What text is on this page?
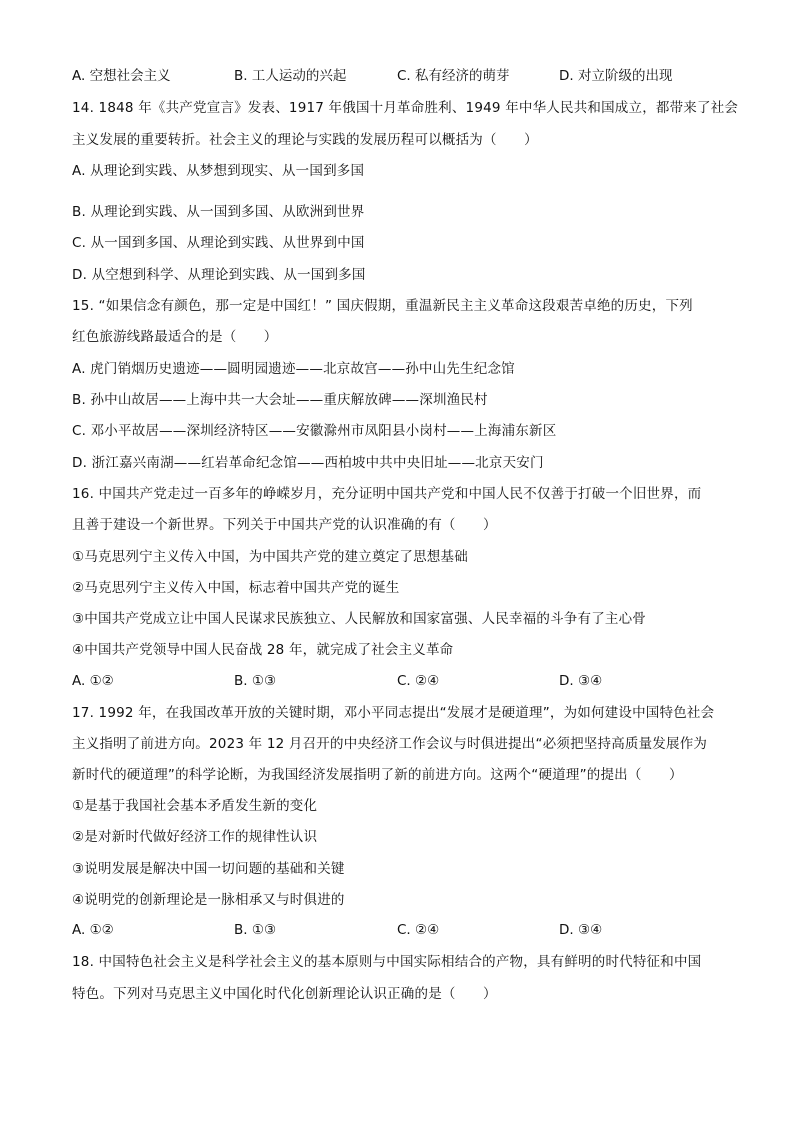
A. 空想社会主义	B. 工人运动的兴起	C. 私有经济的萌芽	D. 对立阶级的出现
14. 1848 年《共产党宣言》发表、1917 年俄国十月革命胜利、1949 年中华人民共和国成立，都带来了社会
主义发展的重要转折。社会主义的理论与实践的发展历程可以概括为（　　）
A. 从理论到实践、从梦想到现实、从一国到多国
B. 从理论到实践、从一国到多国、从欧洲到世界
C. 从一国到多国、从理论到实践、从世界到中国
D. 从空想到科学、从理论到实践、从一国到多国
15. “如果信念有颜色，那一定是中国红！” 国庆假期，重温新民主主义革命这段艰苦卓绝的历史，下列
红色旅游线路最适合的是（　　）
A. 虎门销烟历史遗迹——圆明园遗迹——北京故宫——孙中山先生纪念馆
B. 孙中山故居——上海中共一大会址——重庆解放碑——深圳渔民村
C. 邓小平故居——深圳经济特区——安徽滁州市凤阳县小岗村——上海浦东新区
D. 浙江嘉兴南湖——红岩革命纪念馆——西柏坡中共中央旧址——北京天安门
16. 中国共产党走过一百多年的峥嵘岁月，充分证明中国共产党和中国人民不仅善于打破一个旧世界，而
且善于建设一个新世界。下列关于中国共产党的认识准确的有（　　）
①马克思列宁主义传入中国，为中国共产党的建立奠定了思想基础
②马克思列宁主义传入中国，标志着中国共产党的诞生
③中国共产党成立让中国人民谋求民族独立、人民解放和国家富强、人民幸福的斗争有了主心骨
④中国共产党领导中国人民奋战 28 年，就完成了社会主义革命
A. ①②	B. ①③	C. ②④	D. ③④
17. 1992 年，在我国改革开放的关键时期，邓小平同志提出“发展才是硬道理”，为如何建设中国特色社会
主义指明了前进方向。2023 年 12 月召开的中央经济工作会议与时俱进提出“必须把坚持高质量发展作为
新时代的硬道理”的科学论断，为我国经济发展指明了新的前进方向。这两个“硬道理”的提出（　　）
①是基于我国社会基本矛盾发生新的变化
②是对新时代做好经济工作的规律性认识
③说明发展是解决中国一切问题的基础和关键
④说明党的创新理论是一脉相承又与时俱进的
A. ①②	B. ①③	C. ②④	D. ③④
18. 中国特色社会主义是科学社会主义的基本原则与中国实际相结合的产物，具有鲜明的时代特征和中国
特色。下列对马克思主义中国化时代化创新理论认识正确的是（　　）
